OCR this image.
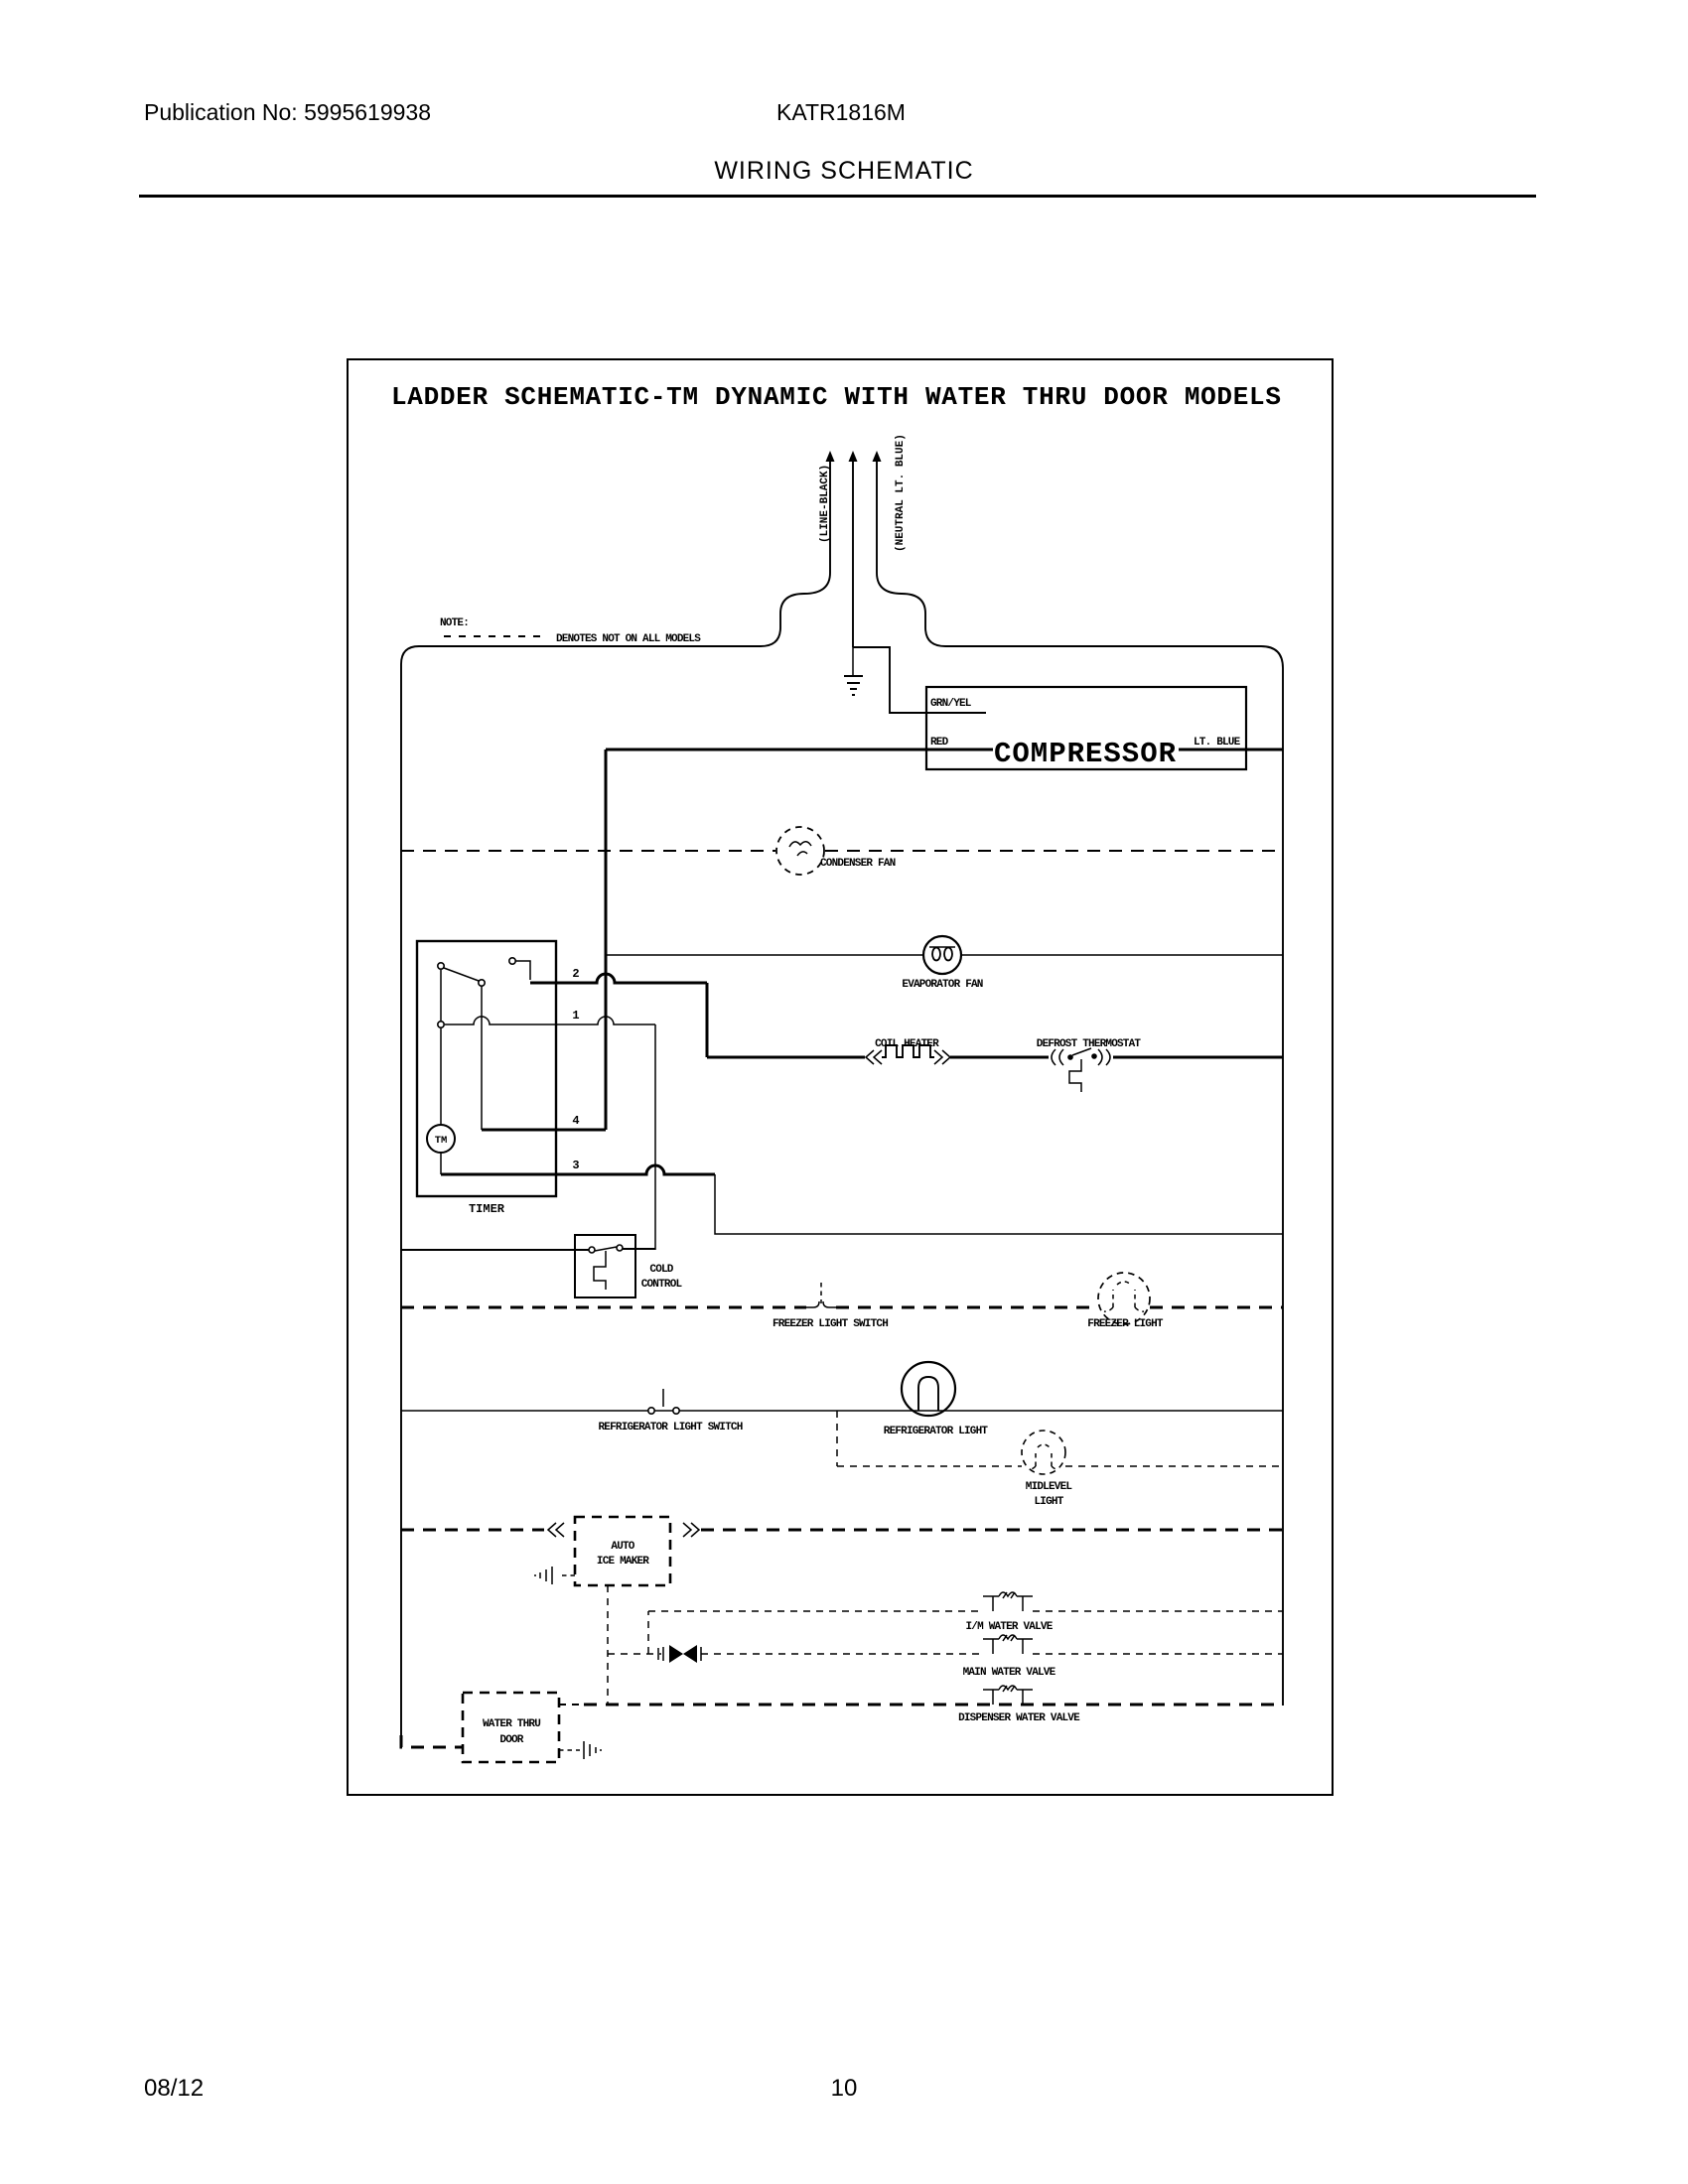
Publication No: 5995619938	KATR1816M
WIRING SCHEMATIC
LADDER SCHEMATIC-TM DYNAMIC WITH WATER THRU DOOR MODELS
(LINE-BLACK)	(NEUTRAL LT. BLUE)
NOTE:
DENOTES NOT ON ALL MODELS
GRN/YEL
RED	LT. BLUE
COMPRESSOR
CONDENSER FAN
EVAPORATOR FAN
COIL HEATER	DEFROST THERMOSTAT
TM
2
1
4
3
TIMER
COLD
CONTROL
FREEZER LIGHT SWITCH	FREEZER LIGHT
REFRIGERATOR LIGHT SWITCH	REFRIGERATOR LIGHT
MIDLEVEL
LIGHT
AUTO
ICE MAKER
I/M WATER VALVE
MAIN WATER VALVE
DISPENSER WATER VALVE
WATER THRU
DOOR
08/12	10
